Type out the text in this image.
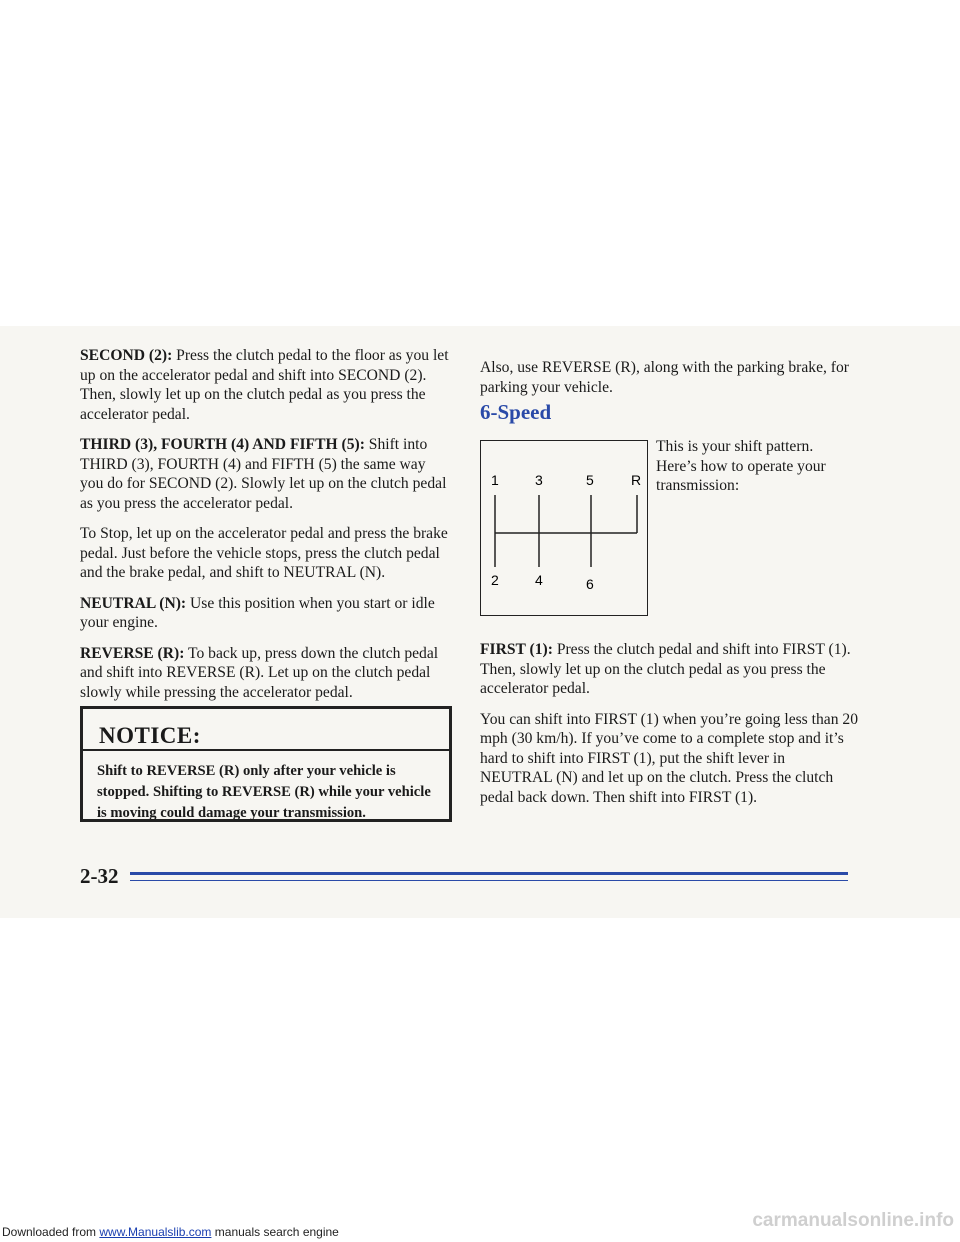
SECOND (2): Press the clutch pedal to the floor as you let up on the accelerator pedal and shift into SECOND (2). Then, slowly let up on the clutch pedal as you press the accelerator pedal.

THIRD (3), FOURTH (4) AND FIFTH (5): Shift into THIRD (3), FOURTH (4) and FIFTH (5) the same way you do for SECOND (2). Slowly let up on the clutch pedal as you press the accelerator pedal.

To Stop, let up on the accelerator pedal and press the brake pedal. Just before the vehicle stops, press the clutch pedal and the brake pedal, and shift to NEUTRAL (N).

NEUTRAL (N): Use this position when you start or idle your engine.

REVERSE (R): To back up, press down the clutch pedal and shift into REVERSE (R). Let up on the clutch pedal slowly while pressing the accelerator pedal.

NOTICE:
Shift to REVERSE (R) only after your vehicle is stopped. Shifting to REVERSE (R) while your vehicle is moving could damage your transmission.

Also, use REVERSE (R), along with the parking brake, for parking your vehicle.

6-Speed
1	3	5	R
2	4	6

This is your shift pattern. Here’s how to operate your transmission:

FIRST (1): Press the clutch pedal and shift into FIRST (1). Then, slowly let up on the clutch pedal as you press the accelerator pedal.

You can shift into FIRST (1) when you’re going less than 20 mph (30 km/h). If you’ve come to a complete stop and it’s hard to shift into FIRST (1), put the shift lever in NEUTRAL (N) and let up on the clutch. Press the clutch pedal back down. Then shift into FIRST (1).

2-32
Downloaded from www.Manualslib.com manuals search engine
carmanualsonline.info
